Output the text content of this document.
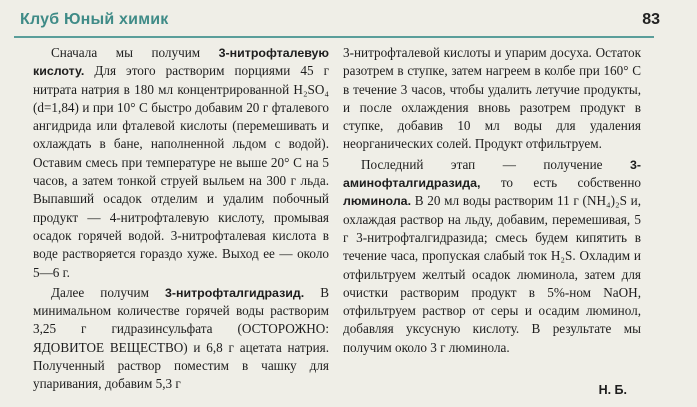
Клуб Юный химик	83

Сначала мы получим 3-нитрофталевую кислоту. Для этого растворим порциями 45 г нитрата натрия в 180 мл концентрированной H₂SO₄ (d=1,84) и при 10° С быстро добавим 20 г фталевого ангидрида или фталевой кислоты (перемешивать и охлаждать в бане, наполненной льдом с водой). Оставим смесь при температуре не выше 20° С на 5 часов, а затем тонкой струей выльем на 300 г льда. Выпавший осадок отделим и удалим побочный продукт — 4-нитрофталевую кислоту, промывая осадок горячей водой. 3-нитрофталевая кислота в воде растворяется гораздо хуже. Выход ее — около 5—6 г.

Далее получим 3-нитрофталгидразид. В минимальном количестве горячей воды растворим 3,25 г гидразинсульфата (ОСТОРОЖНО: ЯДОВИТОЕ ВЕЩЕСТВО) и 6,8 г ацетата натрия. Полученный раствор поместим в чашку для упаривания, добавим 5,3 г

3-нитрофталевой кислоты и упарим досуха. Остаток разотрем в ступке, затем нагреем в колбе при 160° С в течение 3 часов, чтобы удалить летучие продукты, и после охлаждения вновь разотрем продукт в ступке, добавив 10 мл воды для удаления неорганических солей. Продукт отфильтруем.

Последний этап — получение 3-аминофталгидразида, то есть собственно люминола. В 20 мл воды растворим 11 г (NH₄)₂S и, охлаждая раствор на льду, добавим, перемешивая, 5 г 3-нитрофталгидразида; смесь будем кипятить в течение часа, пропуская слабый ток H₂S. Охладим и отфильтруем желтый осадок люминола, затем для очистки растворим продукт в 5%-ном NaOH, отфильтруем раствор от серы и осадим люминол, добавляя уксусную кислоту. В результате мы получим около 3 г люминола.

Н. Б.
